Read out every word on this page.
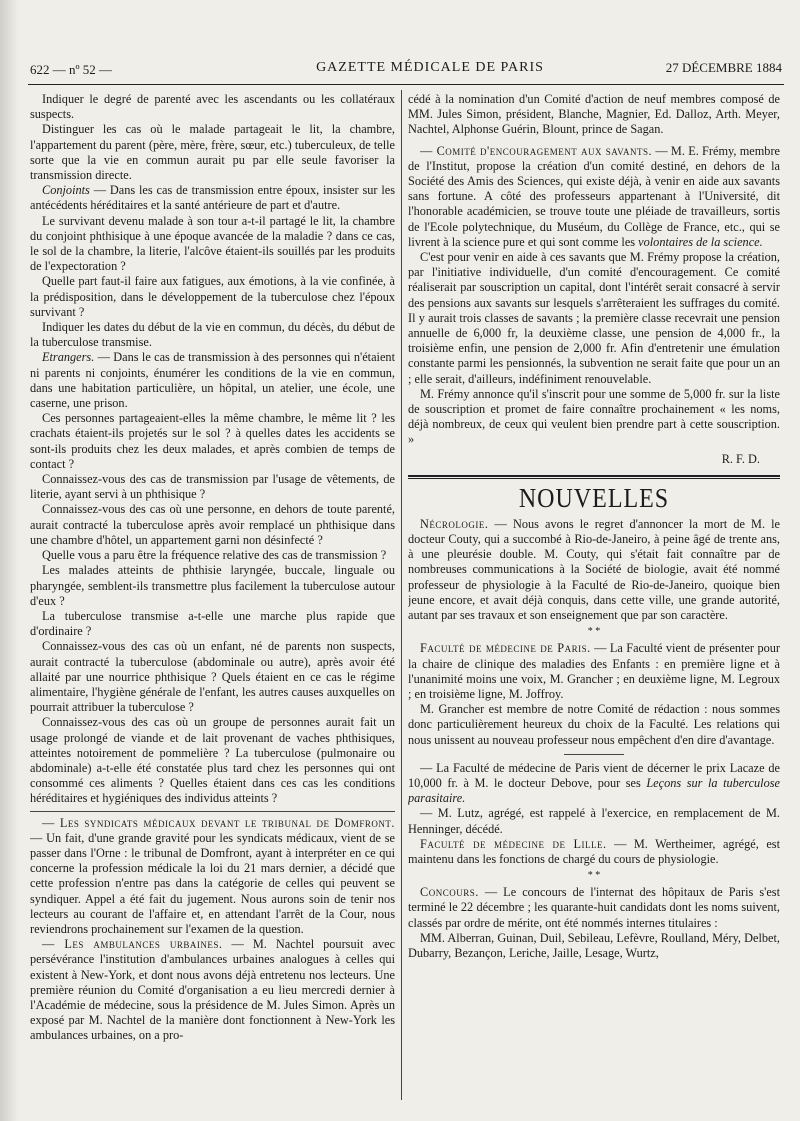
622 — nº 52 —	GAZETTE MÉDICALE DE PARIS	27 DÉCEMBRE 1884

Indiquer le degré de parenté avec les ascendants ou les collatéraux suspects.

Distinguer les cas où le malade partageait le lit, la chambre, l'appartement du parent (père, mère, frère, sœur, etc.) tuberculeux, de telle sorte que la vie en commun aurait pu par elle seule favoriser la transmission directe.

Conjoints — Dans les cas de transmission entre époux, insister sur les antécédents héréditaires et la santé antérieure de part et d'autre.

Le survivant devenu malade à son tour a-t-il partagé le lit, la chambre du conjoint phthisique à une époque avancée de la maladie ? dans ce cas, le sol de la chambre, la literie, l'alcôve étaient-ils souillés par les produits de l'expectoration ?

Quelle part faut-il faire aux fatigues, aux émotions, à la vie confinée, à la prédisposition, dans le développement de la tuberculose chez l'époux survivant ?

Indiquer les dates du début de la vie en commun, du décès, du début de la tuberculose transmise.

Etrangers. — Dans le cas de transmission à des personnes qui n'étaient ni parents ni conjoints, énumérer les conditions de la vie en commun, dans une habitation particulière, un hôpital, un atelier, une école, une caserne, une prison.

Ces personnes partageaient-elles la même chambre, le même lit ? les crachats étaient-ils projetés sur le sol ? à quelles dates les accidents se sont-ils produits chez les deux malades, et après combien de temps de contact ?

Connaissez-vous des cas de transmission par l'usage de vêtements, de literie, ayant servi à un phthisique ?

Connaissez-vous des cas où une personne, en dehors de toute parenté, aurait contracté la tuberculose après avoir remplacé un phthisique dans une chambre d'hôtel, un appartement garni non désinfecté ?

Quelle vous a paru être la fréquence relative des cas de transmission ?

Les malades atteints de phthisie laryngée, buccale, linguale ou pharyngée, semblent-ils transmettre plus facilement la tuberculose autour d'eux ?

La tuberculose transmise a-t-elle une marche plus rapide que d'ordinaire ?

Connaissez-vous des cas où un enfant, né de parents non suspects, aurait contracté la tuberculose (abdominale ou autre), après avoir été allaité par une nourrice phthisique ? Quels étaient en ce cas le régime alimentaire, l'hygiène générale de l'enfant, les autres causes auxquelles on pourrait attribuer la tuberculose ?

Connaissez-vous des cas où un groupe de personnes aurait fait un usage prolongé de viande et de lait provenant de vaches phthisiques, atteintes notoirement de pommelière ? La tuberculose (pulmonaire ou abdominale) a-t-elle été constatée plus tard chez les personnes qui ont consommé ces aliments ? Quelles étaient dans ces cas les conditions héréditaires et hygiéniques des individus atteints ?

— Les syndicats médicaux devant le tribunal de Domfront. — Un fait, d'une grande gravité pour les syndicats médicaux, vient de se passer dans l'Orne : le tribunal de Domfront, ayant à interpréter en ce qui concerne la profession médicale la loi du 21 mars dernier, a décidé que cette profession n'entre pas dans la catégorie de celles qui peuvent se syndiquer. Appel a été fait du jugement. Nous aurons soin de tenir nos lecteurs au courant de l'affaire et, en attendant l'arrêt de la Cour, nous reviendrons prochainement sur l'examen de la question.

— Les ambulances urbaines. — M. Nachtel poursuit avec persévérance l'institution d'ambulances urbaines analogues à celles qui existent à New-York, et dont nous avons déjà entretenu nos lecteurs. Une première réunion du Comité d'organisation a eu lieu mercredi dernier à l'Académie de médecine, sous la présidence de M. Jules Simon. Après un exposé par M. Nachtel de la manière dont fonctionnent à New-York les ambulances urbaines, on a pro-

cédé à la nomination d'un Comité d'action de neuf membres composé de MM. Jules Simon, président, Blanche, Magnier, Ed. Dalloz, Arth. Meyer, Nachtel, Alphonse Guérin, Blount, prince de Sagan.

— Comité d'encouragement aux savants. — M. E. Frémy, membre de l'Institut, propose la création d'un comité destiné, en dehors de la Société des Amis des Sciences, qui existe déjà, à venir en aide aux savants sans fortune. A côté des professeurs appartenant à l'Université, dit l'honorable académicien, se trouve toute une pléiade de travailleurs, sortis de l'Ecole polytechnique, du Muséum, du Collège de France, etc., qui se livrent à la science pure et qui sont comme les volontaires de la science.

C'est pour venir en aide à ces savants que M. Frémy propose la création, par l'initiative individuelle, d'un comité d'encouragement. Ce comité réaliserait par souscription un capital, dont l'intérêt serait consacré à servir des pensions aux savants sur lesquels s'arrêteraient les suffrages du comité. Il y aurait trois classes de savants ; la première classe recevrait une pension annuelle de 6,000 fr, la deuxième classe, une pension de 4,000 fr., la troisième enfin, une pension de 2,000 fr. Afin d'entretenir une émulation constante parmi les pensionnés, la subvention ne serait faite que pour un an ; elle serait, d'ailleurs, indéfiniment renouvelable.

M. Frémy annonce qu'il s'inscrit pour une somme de 5,000 fr. sur la liste de souscription et promet de faire connaître prochainement « les noms, déjà nombreux, de ceux qui veulent bien prendre part à cette souscription. »

R. F. D.
NOUVELLES

Nécrologie. — Nous avons le regret d'annoncer la mort de M. le docteur Couty, qui a succombé à Rio-de-Janeiro, à peine âgé de trente ans, à une pleurésie double. M. Couty, qui s'était fait connaître par de nombreuses communications à la Société de biologie, avait été nommé professeur de physiologie à la Faculté de Rio-de-Janeiro, quoique bien jeune encore, et avait déjà conquis, dans cette ville, une grande autorité, autant par ses travaux et son enseignement que par son caractère.

* *

Faculté de médecine de Paris. — La Faculté vient de présenter pour la chaire de clinique des maladies des Enfants : en première ligne et à l'unanimité moins une voix, M. Grancher ; en deuxième ligne, M. Legroux ; en troisième ligne, M. Joffroy.

M. Grancher est membre de notre Comité de rédaction : nous sommes donc particulièrement heureux du choix de la Faculté. Les relations qui nous unissent au nouveau professeur nous empêchent d'en dire d'avantage.

— La Faculté de médecine de Paris vient de décerner le prix Lacaze de 10,000 fr. à M. le docteur Debove, pour ses Leçons sur la tuberculose parasitaire.

— M. Lutz, agrégé, est rappelé à l'exercice, en remplacement de M. Henninger, décédé.

Faculté de médecine de Lille. — M. Wertheimer, agrégé, est maintenu dans les fonctions de chargé du cours de physiologie.

* *

Concours. — Le concours de l'internat des hôpitaux de Paris s'est terminé le 22 décembre ; les quarante-huit candidats dont les noms suivent, classés par ordre de mérite, ont été nommés internes titulaires :

MM. Alberran, Guinan, Duil, Sebileau, Lefèvre, Roulland, Méry, Delbet, Dubarry, Bezançon, Leriche, Jaille, Lesage, Wurtz,
